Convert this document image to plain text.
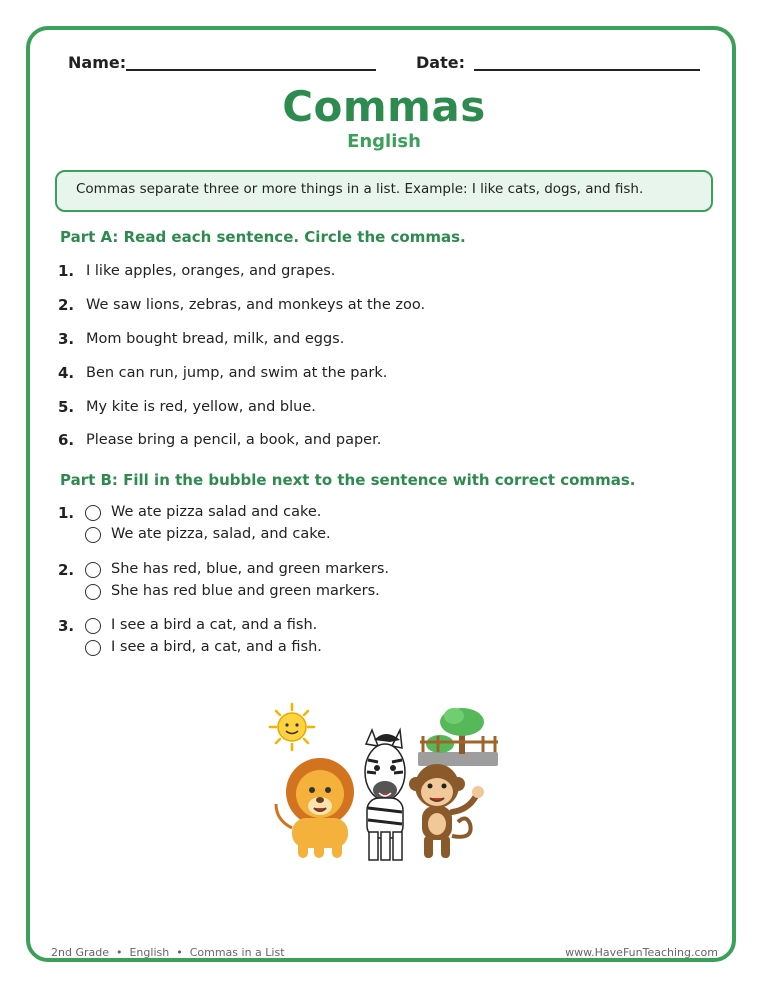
Name:	Date:
Commas
English
Commas separate three or more things in a list. Example: I like cats, dogs, and fish.
Part A: Read each sentence. Circle the commas.
1. I like apples, oranges, and grapes.
2. We saw lions, zebras, and monkeys at the zoo.
3. Mom bought bread, milk, and eggs.
4. Ben can run, jump, and swim at the park.
5. My kite is red, yellow, and blue.
6. Please bring a pencil, a book, and paper.
Part B: Fill in the bubble next to the sentence with correct commas.
1.	We ate pizza salad and cake.
We ate pizza, salad, and cake.
2.	She has red, blue, and green markers.
She has red blue and green markers.
3.	I see a bird a cat, and a fish.
I see a bird, a cat, and a fish.
2nd Grade  •  English  •  Commas in a List	www.HaveFunTeaching.com
